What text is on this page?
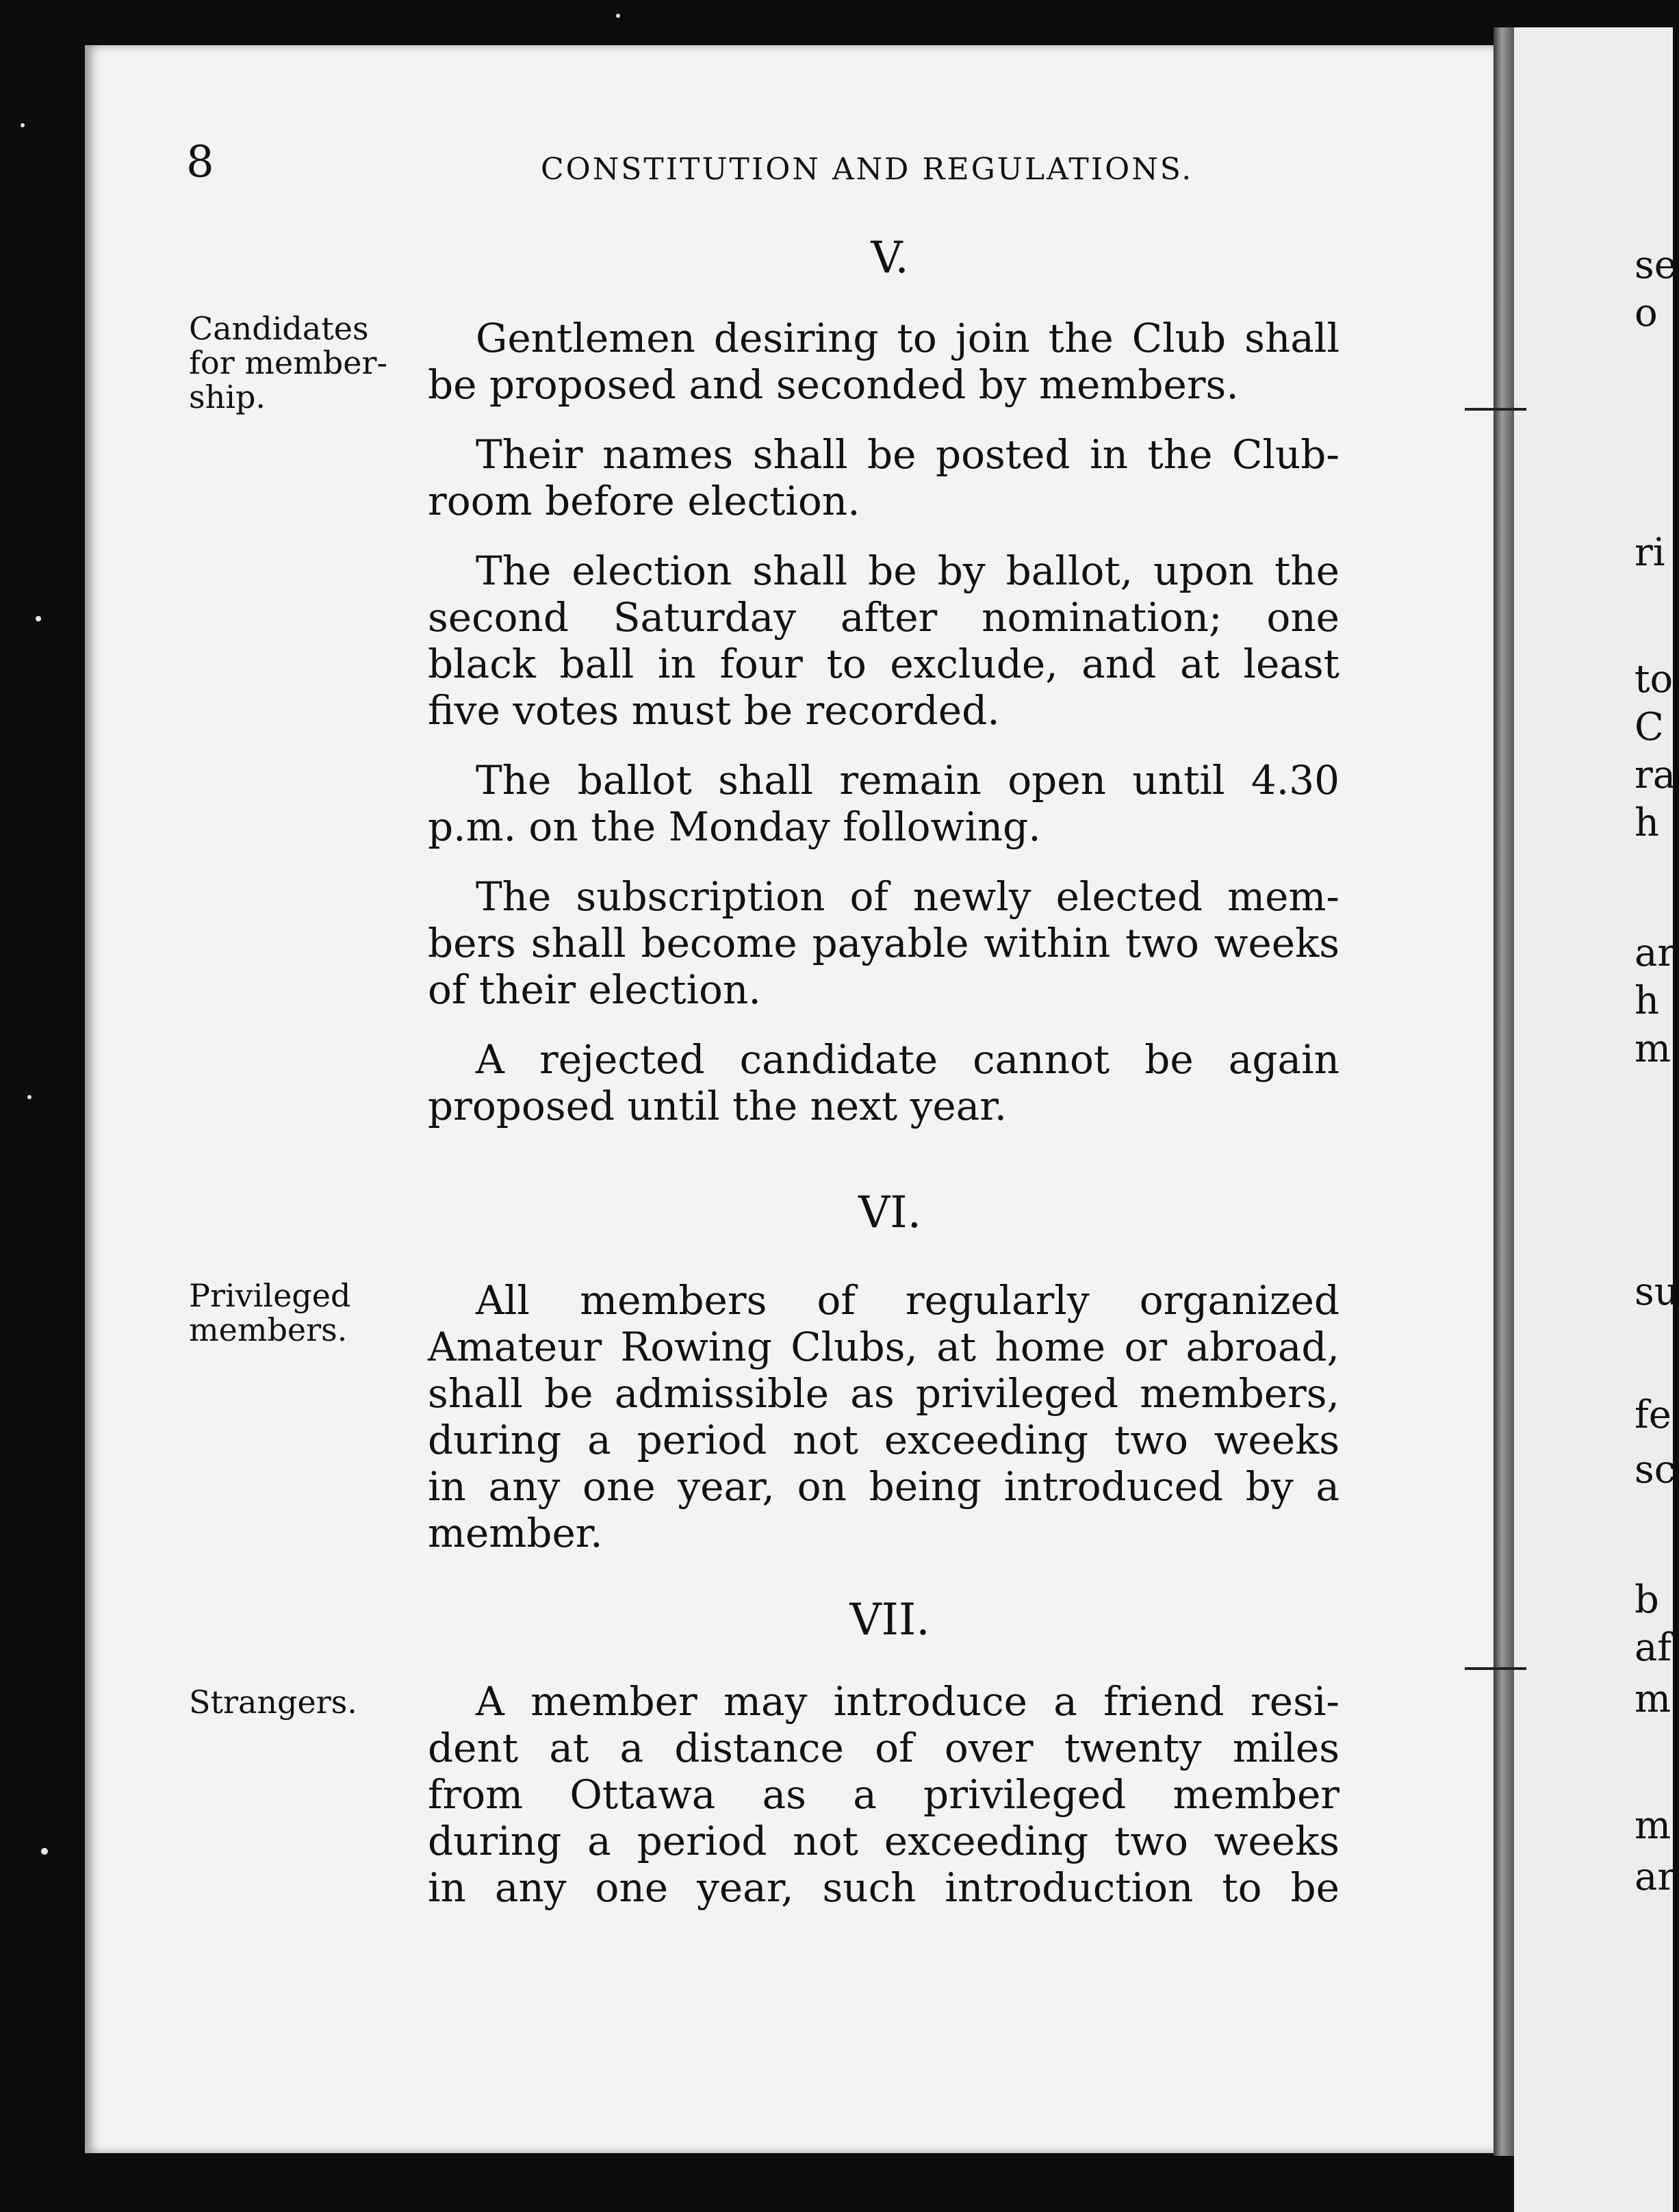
se
o
ri
to
C
ra
h
ar
h
m
su
fe
sc
b
af
m
m
ar
8	CONSTITUTION AND REGULATIONS.
V.
Candidates
for member-
ship.
Gentlemen desiring to join the Club shall
be proposed and seconded by members.
Their names shall be posted in the Club-
room before election.
The election shall be by ballot, upon the
second Saturday after nomination; one
black ball in four to exclude, and at least
five votes must be recorded.
The ballot shall remain open until 4.30
p.m. on the Monday following.
The subscription of newly elected mem-
bers shall become payable within two weeks
of their election.
A rejected candidate cannot be again
proposed until the next year.
VI.
Privileged
members.
All members of regularly organized
Amateur Rowing Clubs, at home or abroad,
shall be admissible as privileged members,
during a period not exceeding two weeks
in any one year, on being introduced by a
member.
VII.
Strangers.	A member may introduce a friend resi-
dent at a distance of over twenty miles
from Ottawa as a privileged member
during a period not exceeding two weeks
in any one year, such introduction to be
